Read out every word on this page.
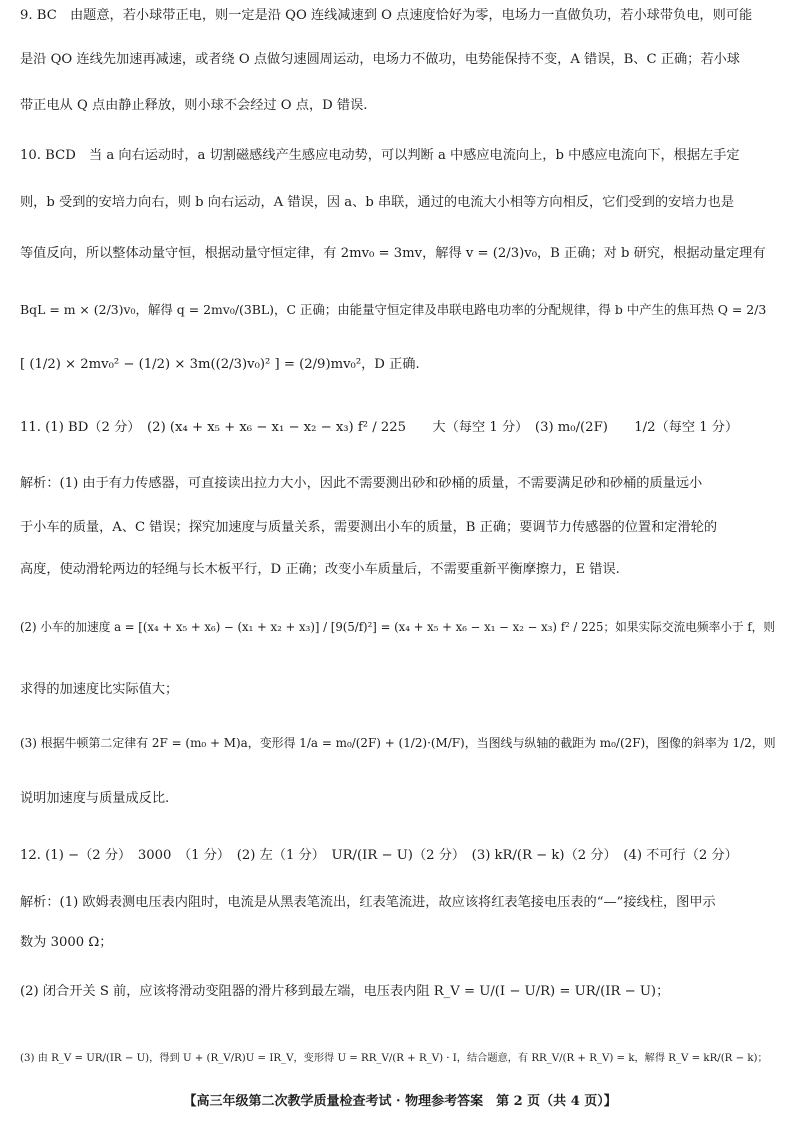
9. BC　由题意，若小球带正电，则一定是沿 QO 连线减速到 O 点速度恰好为零，电场力一直做负功，若小球带负电，则可能
是沿 QO 连线先加速再减速，或者绕 O 点做匀速圆周运动，电场力不做功，电势能保持不变，A 错误，B、C 正确；若小球
带正电从 Q 点由静止释放，则小球不会经过 O 点，D 错误.
10. BCD　当 a 向右运动时，a 切割磁感线产生感应电动势，可以判断 a 中感应电流向上，b 中感应电流向下，根据左手定
则，b 受到的安培力向右，则 b 向右运动，A 错误，因 a、b 串联，通过的电流大小相等方向相反，它们受到的安培力也是
等值反向，所以整体动量守恒，根据动量守恒定律，有 2mv₀ = 3mv，解得 v = (2/3)v₀，B 正确；对 b 研究，根据动量定理有
BqL = m × (2/3)v₀，解得 q = 2mv₀/(3BL)，C 正确；由能量守恒定律及串联电路电功率的分配规律，得 b 中产生的焦耳热 Q = 2/3
[ (1/2) × 2mv₀² − (1/2) × 3m((2/3)v₀)² ] = (2/9)mv₀²，D 正确.
11. (1) BD（2 分）　(2) (x₄ + x₅ + x₆ − x₁ − x₂ − x₃) f² / 225　　大（每空 1 分）　(3) m₀/(2F)　　1/2（每空 1 分）
解析：(1) 由于有力传感器，可直接读出拉力大小，因此不需要测出砂和砂桶的质量，不需要满足砂和砂桶的质量远小
于小车的质量，A、C 错误；探究加速度与质量关系，需要测出小车的质量，B 正确；要调节力传感器的位置和定滑轮的
高度，使动滑轮两边的轻绳与长木板平行，D 正确；改变小车质量后，不需要重新平衡摩擦力，E 错误.
(2) 小车的加速度 a = [(x₄ + x₅ + x₆) − (x₁ + x₂ + x₃)] / [9(5/f)²] = (x₄ + x₅ + x₆ − x₁ − x₂ − x₃) f² / 225；如果实际交流电频率小于 f，则
求得的加速度比实际值大；
(3) 根据牛顿第二定律有 2F = (m₀ + M)a，变形得 1/a = m₀/(2F) + (1/2)·(M/F)，当图线与纵轴的截距为 m₀/(2F)，图像的斜率为 1/2，则
说明加速度与质量成反比.
12. (1) −（2 分）　3000　（1 分）　(2) 左（1 分）　UR/(IR − U)（2 分）　(3) kR/(R − k)（2 分）　(4) 不可行（2 分）
解析：(1) 欧姆表测电压表内阻时，电流是从黑表笔流出，红表笔流进，故应该将红表笔接电压表的“—”接线柱，图甲示
数为 3000 Ω；
(2) 闭合开关 S 前，应该将滑动变阻器的滑片移到最左端，电压表内阻 R_V = U/(I − U/R) = UR/(IR − U)；
(3) 由 R_V = UR/(IR − U)，得到 U + (R_V/R)U = IR_V，变形得 U = RR_V/(R + R_V) · I，结合题意，有 RR_V/(R + R_V) = k，解得 R_V = kR/(R − k)；
【高三年级第二次教学质量检查考试 · 物理参考答案　第 2 页（共 4 页）】
